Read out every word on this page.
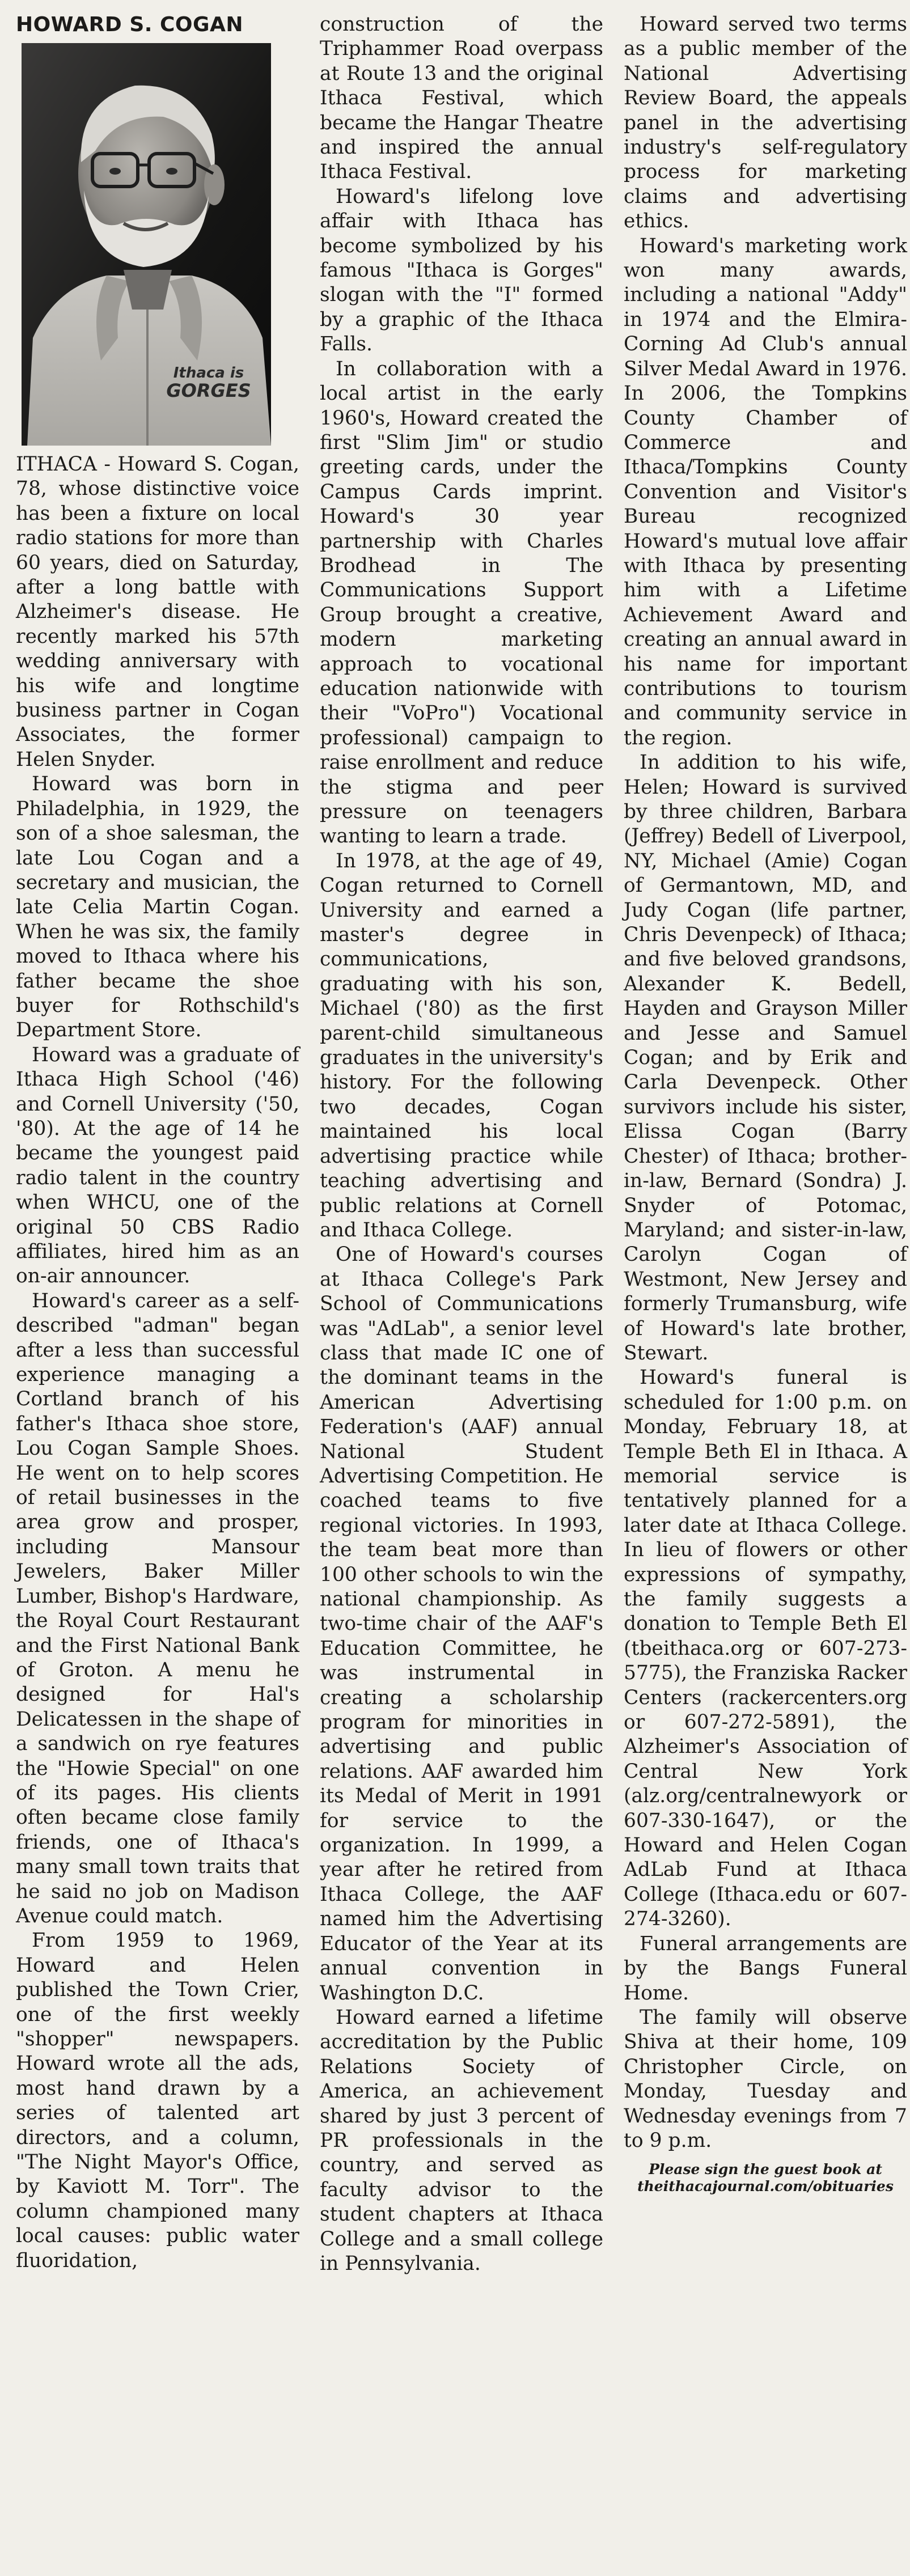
HOWARD S. COGAN
Ithaca is
GORGES

ITHACA - Howard S. Cogan, 78, whose distinctive voice has been a fixture on local radio stations for more than 60 years, died on Saturday, after a long battle with Alzheimer's disease. He recently marked his 57th wedding anniversary with his wife and longtime business partner in Cogan Associates, the former Helen Snyder.

Howard was born in Philadelphia, in 1929, the son of a shoe salesman, the late Lou Cogan and a secretary and musician, the late Celia Martin Cogan. When he was six, the family moved to Ithaca where his father became the shoe buyer for Rothschild's Department Store.

Howard was a graduate of Ithaca High School ('46) and Cornell University ('50, '80). At the age of 14 he became the youngest paid radio talent in the country when WHCU, one of the original 50 CBS Radio affiliates, hired him as an on-air announcer.

Howard's career as a self-described "adman" began after a less than successful experience managing a Cortland branch of his father's Ithaca shoe store, Lou Cogan Sample Shoes. He went on to help scores of retail businesses in the area grow and prosper, including Mansour Jewelers, Baker Miller Lumber, Bishop's Hardware, the Royal Court Restaurant and the First National Bank of Groton. A menu he designed for Hal's Delicatessen in the shape of a sandwich on rye features the "Howie Special" on one of its pages. His clients often became close family friends, one of Ithaca's many small town traits that he said no job on Madison Avenue could match.

From 1959 to 1969, Howard and Helen published the Town Crier, one of the first weekly "shopper" newspapers. Howard wrote all the ads, most hand drawn by a series of talented art directors, and a column, "The Night Mayor's Office, by Kaviott M. Torr". The column championed many local causes: public water fluoridation,

construction of the Triphammer Road overpass at Route 13 and the original Ithaca Festival, which became the Hangar Theatre and inspired the annual Ithaca Festival.

Howard's lifelong love affair with Ithaca has become symbolized by his famous "Ithaca is Gorges" slogan with the "I" formed by a graphic of the Ithaca Falls.

In collaboration with a local artist in the early 1960's, Howard created the first "Slim Jim" or studio greeting cards, under the Campus Cards imprint. Howard's 30 year partnership with Charles Brodhead in The Communications Support Group brought a creative, modern marketing approach to vocational education nationwide with their "VoPro") Vocational professional) campaign to raise enrollment and reduce the stigma and peer pressure on teenagers wanting to learn a trade.

In 1978, at the age of 49, Cogan returned to Cornell University and earned a master's degree in communications, graduating with his son, Michael ('80) as the first parent-child simultaneous graduates in the university's history. For the following two decades, Cogan maintained his local advertising practice while teaching advertising and public relations at Cornell and Ithaca College.

One of Howard's courses at Ithaca College's Park School of Communications was "AdLab", a senior level class that made IC one of the dominant teams in the American Advertising Federation's (AAF) annual National Student Advertising Competition. He coached teams to five regional victories. In 1993, the team beat more than 100 other schools to win the national championship. As two-time chair of the AAF's Education Committee, he was instrumental in creating a scholarship program for minorities in advertising and public relations. AAF awarded him its Medal of Merit in 1991 for service to the organization. In 1999, a year after he retired from Ithaca College, the AAF named him the Advertising Educator of the Year at its annual convention in Washington D.C.

Howard earned a lifetime accreditation by the Public Relations Society of America, an achievement shared by just 3 percent of PR professionals in the country, and served as faculty advisor to the student chapters at Ithaca College and a small college in Pennsylvania.

Howard served two terms as a public member of the National Advertising Review Board, the appeals panel in the advertising industry's self-regulatory process for marketing claims and advertising ethics.

Howard's marketing work won many awards, including a national "Addy" in 1974 and the Elmira-Corning Ad Club's annual Silver Medal Award in 1976. In 2006, the Tompkins County Chamber of Commerce and Ithaca/Tompkins County Convention and Visitor's Bureau recognized Howard's mutual love affair with Ithaca by presenting him with a Lifetime Achievement Award and creating an annual award in his name for important contributions to tourism and community service in the region.

In addition to his wife, Helen; Howard is survived by three children, Barbara (Jeffrey) Bedell of Liverpool, NY, Michael (Amie) Cogan of Germantown, MD, and Judy Cogan (life partner, Chris Devenpeck) of Ithaca; and five beloved grandsons, Alexander K. Bedell, Hayden and Grayson Miller and Jesse and Samuel Cogan; and by Erik and Carla Devenpeck. Other survivors include his sister, Elissa Cogan (Barry Chester) of Ithaca; brother-in-law, Bernard (Sondra) J. Snyder of Potomac, Maryland; and sister-in-law, Carolyn Cogan of Westmont, New Jersey and formerly Trumansburg, wife of Howard's late brother, Stewart.

Howard's funeral is scheduled for 1:00 p.m. on Monday, February 18, at Temple Beth El in Ithaca. A memorial service is tentatively planned for a later date at Ithaca College. In lieu of flowers or other expressions of sympathy, the family suggests a donation to Temple Beth El (tbeithaca.org or 607-273-5775), the Franziska Racker Centers (rackercenters.org or 607-272-5891), the Alzheimer's Association of Central New York (alz.org/centralnewyork or 607-330-1647), or the Howard and Helen Cogan AdLab Fund at Ithaca College (Ithaca.edu or 607-274-3260).

Funeral arrangements are by the Bangs Funeral Home.

The family will observe Shiva at their home, 109 Christopher Circle, on Monday, Tuesday and Wednesday evenings from 7 to 9 p.m.

Please sign the guest book at
theithacajournal.com/obituaries
